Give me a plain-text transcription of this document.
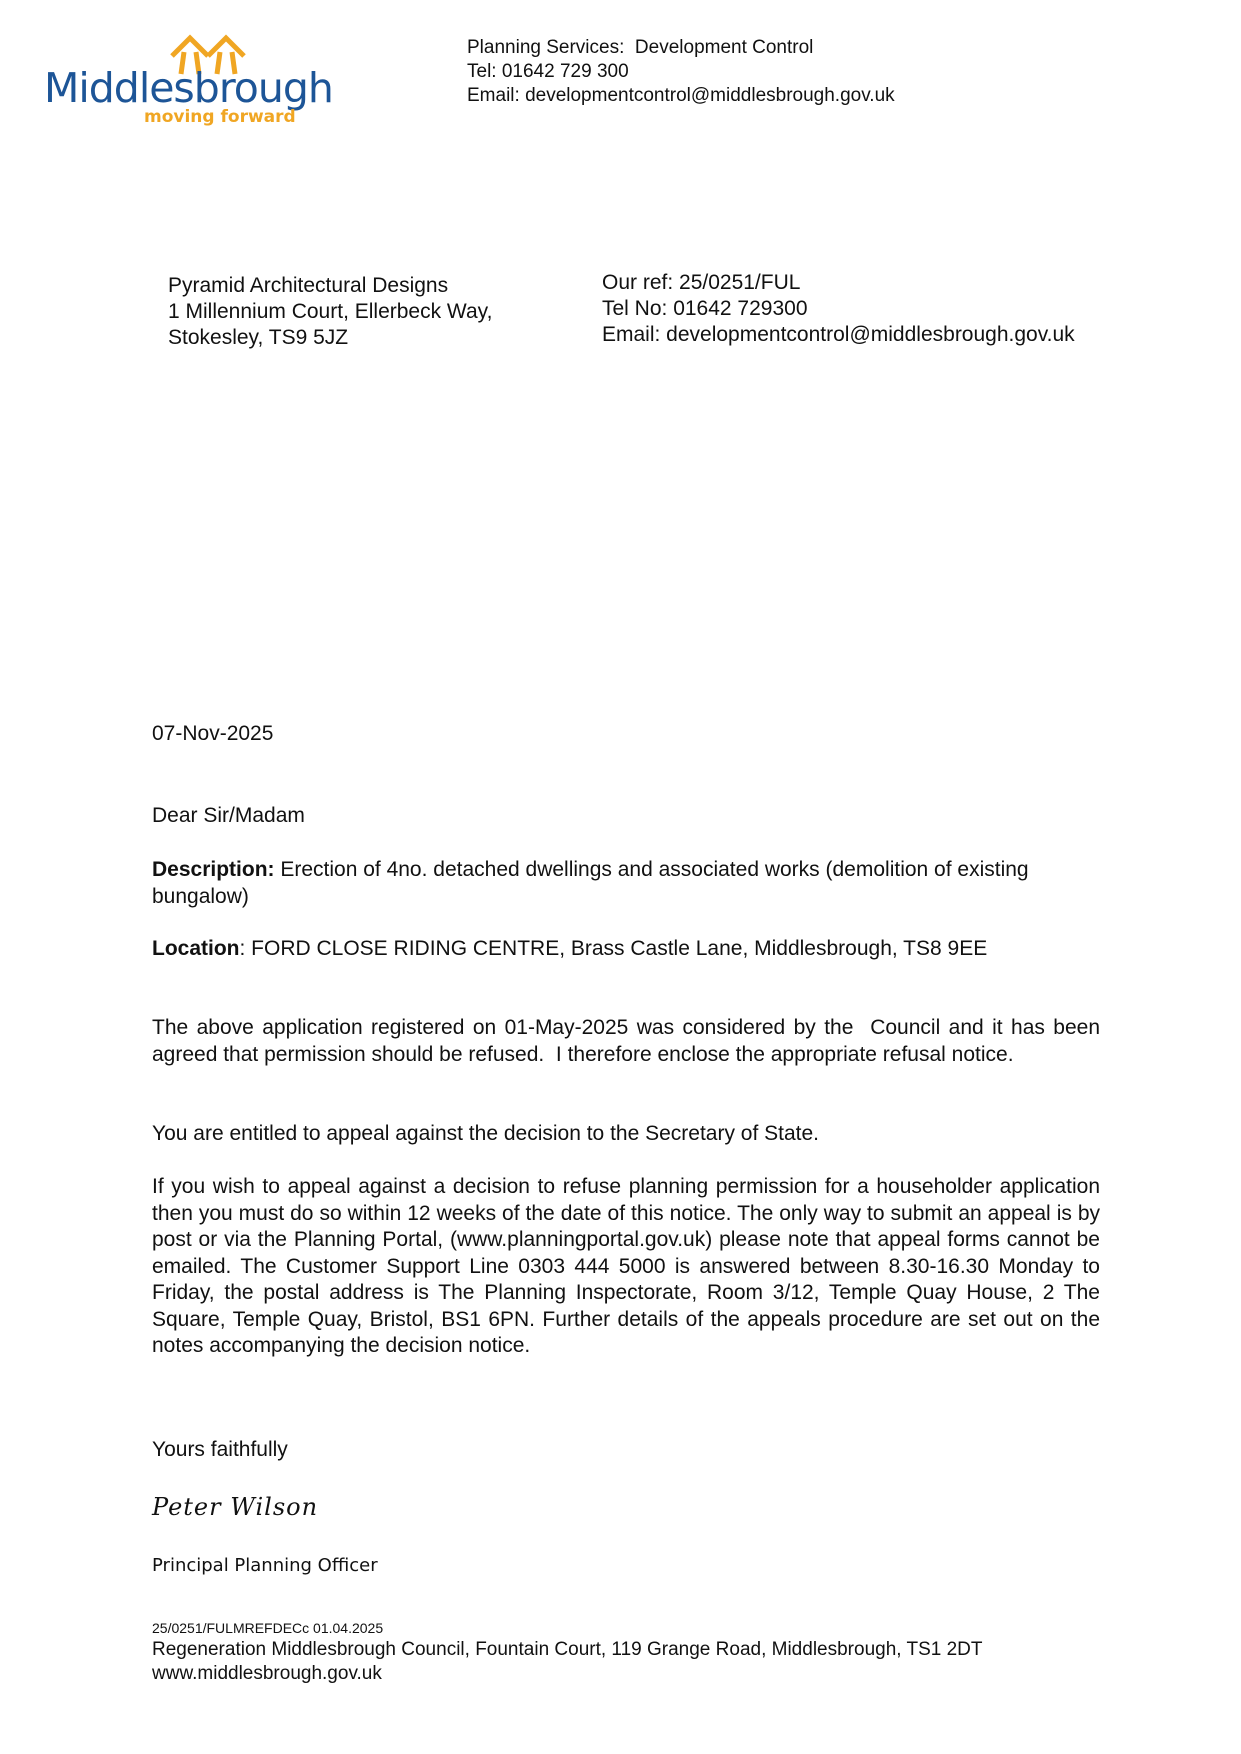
Middlesbrough
moving forward
Planning Services:  Development Control
Tel: 01642 729 300
Email: developmentcontrol@middlesbrough.gov.uk
Pyramid Architectural Designs
1 Millennium Court, Ellerbeck Way,
Stokesley, TS9 5JZ
Our ref: 25/0251/FUL
Tel No: 01642 729300
Email: developmentcontrol@middlesbrough.gov.uk
07-Nov-2025
Dear Sir/Madam
Description: Erection of 4no. detached dwellings and associated works (demolition of existing bungalow)
Location: FORD CLOSE RIDING CENTRE, Brass Castle Lane, Middlesbrough, TS8 9EE
The above application registered on 01-May-2025 was considered by the  Council and it has been agreed that permission should be refused.  I therefore enclose the appropriate refusal notice.
You are entitled to appeal against the decision to the Secretary of State.
If you wish to appeal against a decision to refuse planning permission for a householder application then you must do so within 12 weeks of the date of this notice. The only way to submit an appeal is by post or via the Planning Portal, (www.planningportal.gov.uk) please note that appeal forms cannot be emailed. The Customer Support Line 0303 444 5000 is answered between 8.30-16.30 Monday to Friday, the postal address is The Planning Inspectorate, Room 3/12, Temple Quay House, 2 The Square, Temple Quay, Bristol, BS1 6PN. Further details of the appeals procedure are set out on the notes accompanying the decision notice.
Yours faithfully
Peter Wilson
Principal Planning Officer
25/0251/FULMREFDECc 01.04.2025
Regeneration Middlesbrough Council, Fountain Court, 119 Grange Road, Middlesbrough, TS1 2DT
www.middlesbrough.gov.uk
